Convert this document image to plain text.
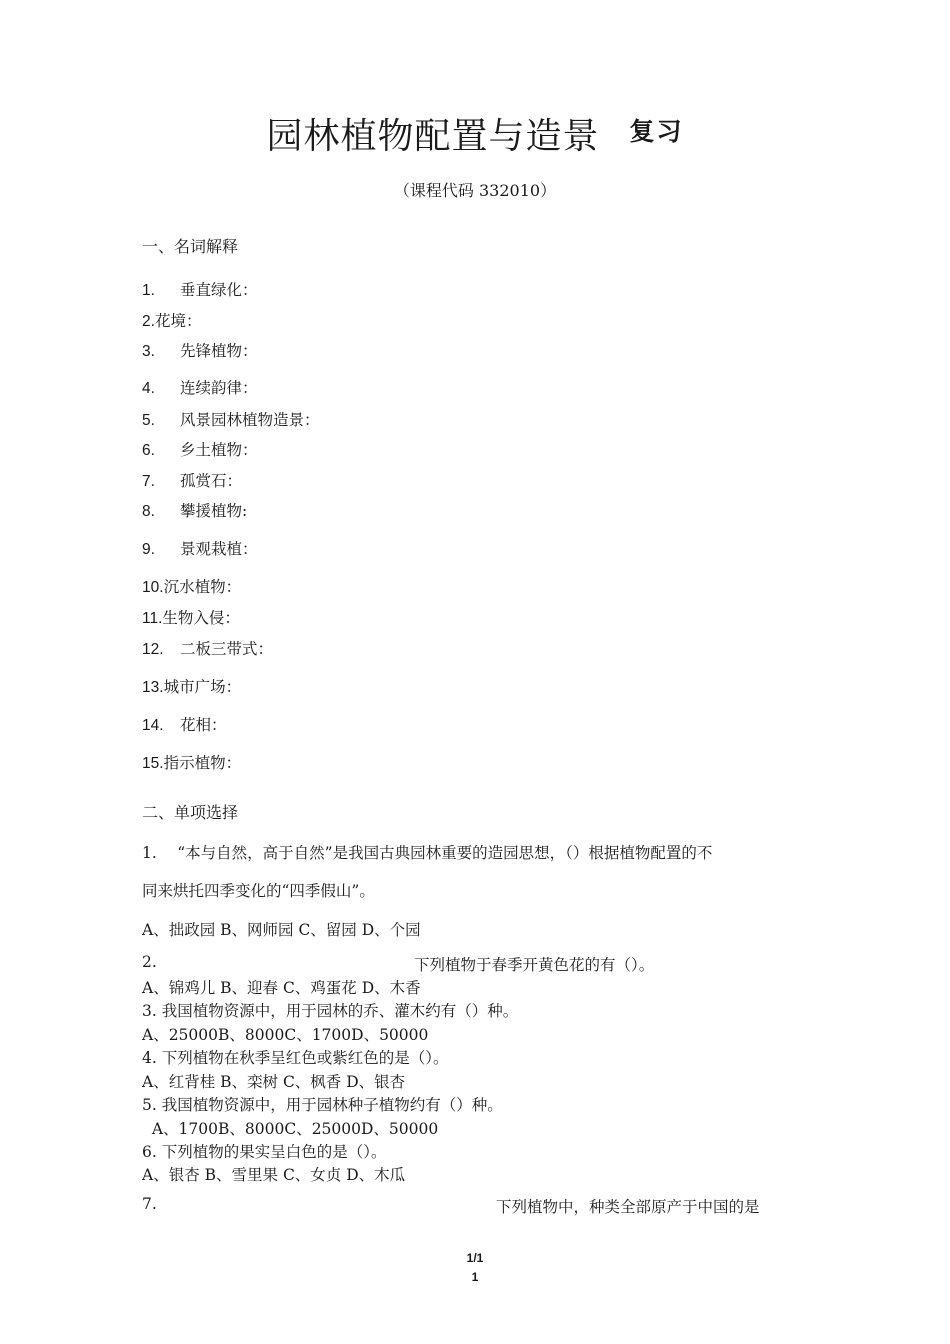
园林植物配置与造景 复习
（课程代码 332010）
一、名词解释
1. 垂直绿化：
2.花境：
3. 先锋植物：
4. 连续韵律：
5. 风景园林植物造景：
6. 乡土植物：
7. 孤赏石：
8. 攀援植物:
9. 景观栽植：
10.沉水植物：
11.生物入侵：
12. 二板三带式：
13.城市广场：
14. 花相：
15.指示植物：
二、单项选择
1.　 “本与自然，高于自然”是我国古典园林重要的造园思想，（）根据植物配置的不
同来烘托四季变化的“四季假山”。
A、拙政园 B、网师园 C、留园 D、个园
2.	下列植物于春季开黄色花的有（）。
A、锦鸡儿 B、迎春 C、鸡蛋花 D、木香
3. 我国植物资源中，用于园林的乔、灌木约有（）种。
A、25000B、8000C、1700D、50000
4. 下列植物在秋季呈红色或紫红色的是（）。
A、红背桂 B、栾树 C、枫香 D、银杏
5. 我国植物资源中，用于园林种子植物约有（）种。
A、1700B、8000C、25000D、50000
6. 下列植物的果实呈白色的是（）。
A、银杏 B、雪里果 C、女贞 D、木瓜
7.	下列植物中，种类全部原产于中国的是
1/1
1
